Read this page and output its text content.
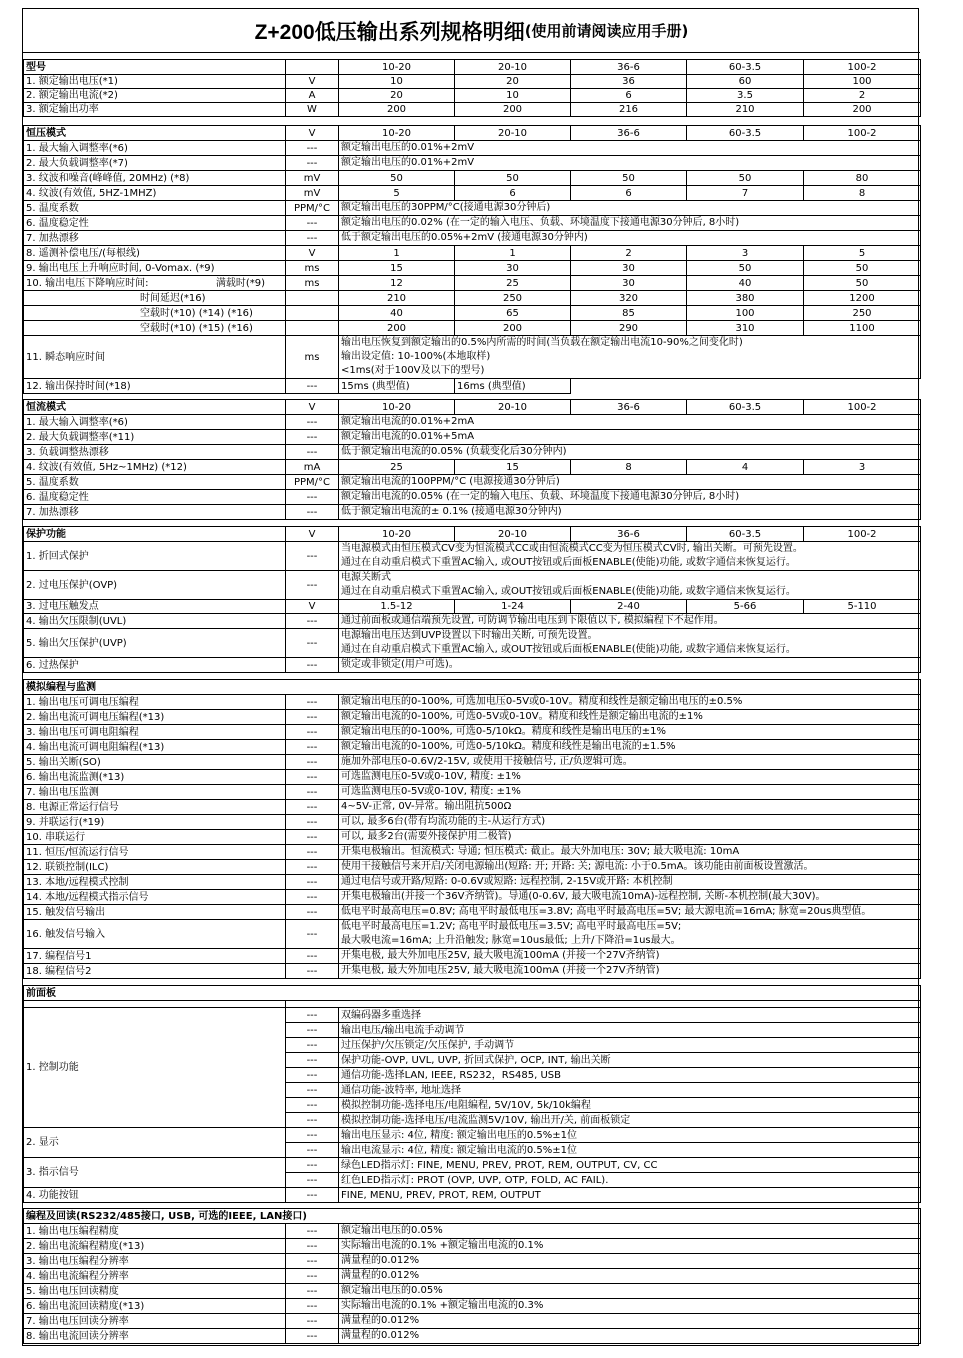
Z+200低压输出系列规格明细 (使用前请阅读应用手册)
型号		10-20	20-10	36-6	60-3.5	100-2
1. 额定输出电压(*1)	V	10	20	36	60	100
2. 额定输出电流(*2)	A	20	10	6	3.5	2
3. 额定输出功率	W	200	200	216	210	200
恒压模式	V	10-20	20-10	36-6	60-3.5	100-2
1. 最大输入调整率(*6)	---	额定输出电压的0.01%+2mV				
2. 最大负载调整率(*7)	---	额定输出电压的0.01%+2mV				
3. 纹波和噪音(峰峰值, 20MHz) (*8)	mV	50	50	50	50	80
4. 纹波(有效值, 5HZ-1MHZ)	mV	5	6	6	7	8
5. 温度系数	PPM/°C	额定输出电压的30PPM/°C(接通电源30分钟后)				
6. 温度稳定性	---	额定输出电压的0.02% (在一定的输入电压、负载、环境温度下接通电源30分钟后, 8小时)				
7. 加热漂移	---	低于额定输出电压的0.05%+2mV (接通电源30分钟内)				
8. 遥测补偿电压/(每根线)	V	1	1	2	3	5
9. 输出电压上升响应时间, 0-Vomax. (*9)	ms	15	30	30	50	50
10. 输出电压下降响应时间: 满载时(*9)	ms	12	25	30	40	50
时间延迟(*16)		210	250	320	380	1200
空载时(*10) (*14) (*16)		40	65	85	100	250
空载时(*10) (*15) (*16)		200	200	290	310	1100
11. 瞬态响应时间	ms	输出电压恢复到额定输出的0.5%内所需的时间(当负载在额定输出电流10-90%之间变化时)
输出设定值: 10-100%(本地取样)
<1ms(对于100V及以下的型号)				
12. 输出保持时间(*18)	---	15ms (典型值)	16ms (典型值)			
恒流模式	V	10-20	20-10	36-6	60-3.5	100-2
1. 最大输入调整率(*6)	---	额定输出电流的0.01%+2mA				
2. 最大负载调整率(*11)	---	额定输出电流的0.01%+5mA				
3. 负载调整热漂移	---	低于额定输出电流的0.05% (负载变化后30分钟内)				
4. 纹波(有效值, 5Hz~1MHz) (*12)	mA	25	15	8	4	3
5. 温度系数	PPM/°C	额定输出电流的100PPM/°C (电源接通30分钟后)				
6. 温度稳定性	---	额定输出电流的0.05% (在一定的输入电压、负载、环境温度下接通电源30分钟后, 8小时)				
7. 加热漂移	---	低于额定输出电流的± 0.1% (接通电源30分钟内)				
保护功能	V	10-20	20-10	36-6	60-3.5	100-2
1. 折回式保护	---	当电源模式由恒压模式CV变为恒流模式CC或由恒流模式CC变为恒压模式CV时, 输出关断。可预先设置。
通过在自动重启模式下重置AC输入, 或OUT按钮或后面板ENABLE(使能)功能, 或数字通信来恢复运行。				
2. 过电压保护(OVP)	---	电源关断式
通过在自动重启模式下重置AC输入, 或OUT按钮或后面板ENABLE(使能)功能, 或数字通信来恢复运行。				
3. 过电压触发点	V	1.5-12	1-24	2-40	5-66	5-110
4. 输出欠压限制(UVL)	---	通过前面板或通信端预先设置, 可防调节输出电压到下限值以下, 模拟编程下不起作用。				
5. 输出欠压保护(UVP)	---	电源输出电压达到UVP设置以下时输出关断, 可预先设置。
通过在自动重启模式下重置AC输入, 或OUT按钮或后面板ENABLE(使能)功能, 或数字通信来恢复运行。				
6. 过热保护	---	锁定或非锁定(用户可选)。				
模拟编程与监测		
1. 输出电压可调电压编程	---	额定输出电压的0-100%, 可选加电压0-5V或0-10V。精度和线性是额定输出电压的±0.5%
2. 输出电流可调电压编程(*13)	---	额定输出电流的0-100%, 可选0-5V或0-10V。精度和线性是额定输出电流的±1%
3. 输出电压可调电阻编程	---	额定输出电压的0-100%, 可选0-5/10kΩ。精度和线性是输出电压的±1%
4. 输出电流可调电阻编程(*13)	---	额定输出电流的0-100%, 可选0-5/10kΩ。精度和线性是输出电流的±1.5%
5. 输出关断(SO)	---	施加外部电压0-0.6V/2-15V, 或使用干接触信号, 正/负逻辑可选。
6. 输出电流监测(*13)	---	可选监测电压0-5V或0-10V, 精度: ±1%
7. 输出电压监测	---	可选监测电压0-5V或0-10V, 精度: ±1%
8. 电源正常运行信号	---	4~5V-正常, 0V-异常。输出阻抗500Ω
9. 并联运行(*19)	---	可以, 最多6台(带有均流功能的主-从运行方式)
10. 串联运行	---	可以, 最多2台(需要外接保护用二极管)
11. 恒压/恒流运行信号	---	开集电极输出。恒流模式: 导通; 恒压模式: 截止。最大外加电压: 30V; 最大吸电流: 10mA
12. 联锁控制(ILC)	---	使用干接触信号来开启/关闭电源输出(短路: 开; 开路: 关; 源电流: 小于0.5mA。该功能由前面板设置激活。
13. 本地/远程模式控制	---	通过电信号或开路/短路: 0-0.6V或短路: 远程控制, 2-15V或开路: 本机控制
14. 本地/远程模式指示信号	---	开集电极输出(并接一个36V齐纳管)。导通(0-0.6V, 最大吸电流10mA)-远程控制, 关断-本机控制(最大30V)。
15. 触发信号输出	---	低电平时最高电压=0.8V; 高电平时最低电压=3.8V; 高电平时最高电压=5V; 最大源电流=16mA; 脉宽=20us典型值。
16. 触发信号输入	---	低电平时最高电压=1.2V; 高电平时最低电压=3.5V; 高电平时最高电压=5V;
最大吸电流=16mA; 上升沿触发; 脉宽=10us最低; 上升/下降沿=1us最大。
17. 编程信号1	---	开集电极, 最大外加电压25V, 最大吸电流100mA (并接一个27V齐纳管)
18. 编程信号2	---	开集电极, 最大外加电压25V, 最大吸电流100mA (并接一个27V齐纳管)
前面板		

1. 控制功能	---	双编码器多重选择
	---	输出电压/输出电流手动调节
	---	过压保护/欠压锁定/欠压保护, 手动调节
	---	保护功能-OVP, UVL, UVP, 折回式保护, OCP, INT, 输出关断
	---	通信功能-选择LAN, IEEE, RS232，RS485, USB
	---	通信功能-波特率, 地址选择
	---	模拟控制功能-选择电压/电阻编程, 5V/10V, 5k/10k编程
	---	模拟控制功能-选择电压/电流监测5V/10V, 输出开/关, 前面板锁定
2. 显示	---	输出电压显示: 4位, 精度: 额定输出电压的0.5%±1位
	---	输出电流显示: 4位, 精度: 额定输出电流的0.5%±1位
3. 指示信号	---	绿色LED指示灯: FINE, MENU, PREV, PROT, REM, OUTPUT, CV, CC
	---	红色LED指示灯: PROT (OVP, UVP, OTP, FOLD, AC FAIL).
4. 功能按钮	---	FINE, MENU, PREV, PROT, REM, OUTPUT
编程及回读(RS232/485接口, USB, 可选的IEEE, LAN接口)		
1. 输出电压编程精度	---	额定输出电压的0.05%
2. 输出电流编程精度(*13)	---	实际输出电流的0.1% +额定输出电流的0.1%
3. 输出电压编程分辨率	---	满量程的0.012%
4. 输出电流编程分辨率	---	满量程的0.012%
5. 输出电压回读精度	---	额定输出电压的0.05%
6. 输出电流回读精度(*13)	---	实际输出电流的0.1% +额定输出电流的0.3%
7. 输出电压回读分辨率	---	满量程的0.012%
8. 输出电流回读分辨率	---	满量程的0.012%
